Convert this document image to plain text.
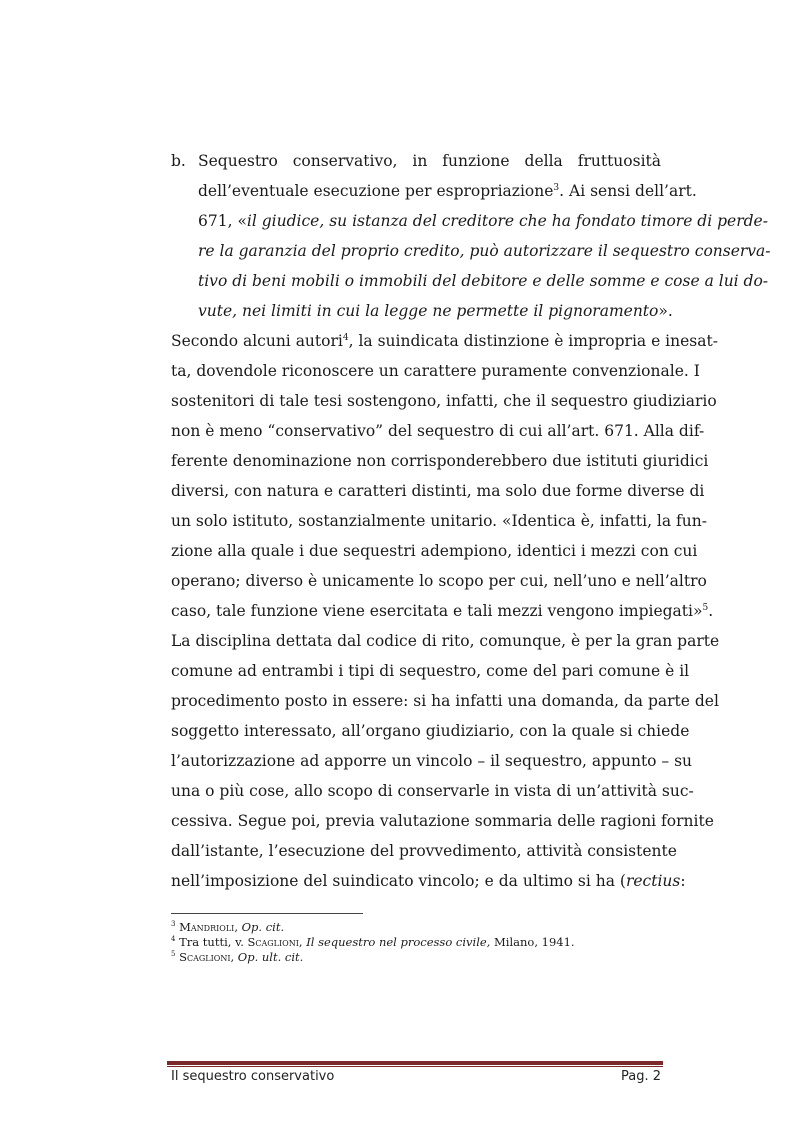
b. Sequestro conservativo, in funzione della fruttuosità
dell’eventuale esecuzione per espropriazione$^3$. Ai sensi dell’art.
671, «il giudice, su istanza del creditore che ha fondato timore di perde-
re la garanzia del proprio credito, può autorizzare il sequestro conserva-
tivo di beni mobili o immobili del debitore e delle somme e cose a lui do-
vute, nei limiti in cui la legge ne permette il pignoramento».
Secondo alcuni autori$^4$, la suindicata distinzione è impropria e inesat-
ta, dovendole riconoscere un carattere puramente convenzionale. I
sostenitori di tale tesi sostengono, infatti, che il sequestro giudiziario
non è meno “conservativo” del sequestro di cui all’art. 671. Alla dif-
ferente denominazione non corrisponderebbero due istituti giuridici
diversi, con natura e caratteri distinti, ma solo due forme diverse di
un solo istituto, sostanzialmente unitario. «Identica è, infatti, la fun-
zione alla quale i due sequestri adempiono, identici i mezzi con cui
operano; diverso è unicamente lo scopo per cui, nell’uno e nell’altro
caso, tale funzione viene esercitata e tali mezzi vengono impiegati»$^5$.
La disciplina dettata dal codice di rito, comunque, è per la gran parte
comune ad entrambi i tipi di sequestro, come del pari comune è il
procedimento posto in essere: si ha infatti una domanda, da parte del
soggetto interessato, all’organo giudiziario, con la quale si chiede
l’autorizzazione ad apporre un vincolo – il sequestro, appunto – su
una o più cose, allo scopo di conservarle in vista di un’attività suc-
cessiva. Segue poi, previa valutazione sommaria delle ragioni fornite
dall’istante, l’esecuzione del provvedimento, attività consistente
nell’imposizione del suindicato vincolo; e da ultimo si ha (rectius:
$^3$ Mandrioli, Op. cit.
$^4$ Tra tutti, v. Scaglioni, Il sequestro nel processo civile, Milano, 1941.
$^5$ Scaglioni, Op. ult. cit.
Il sequestro conservativo	Pag. 2
